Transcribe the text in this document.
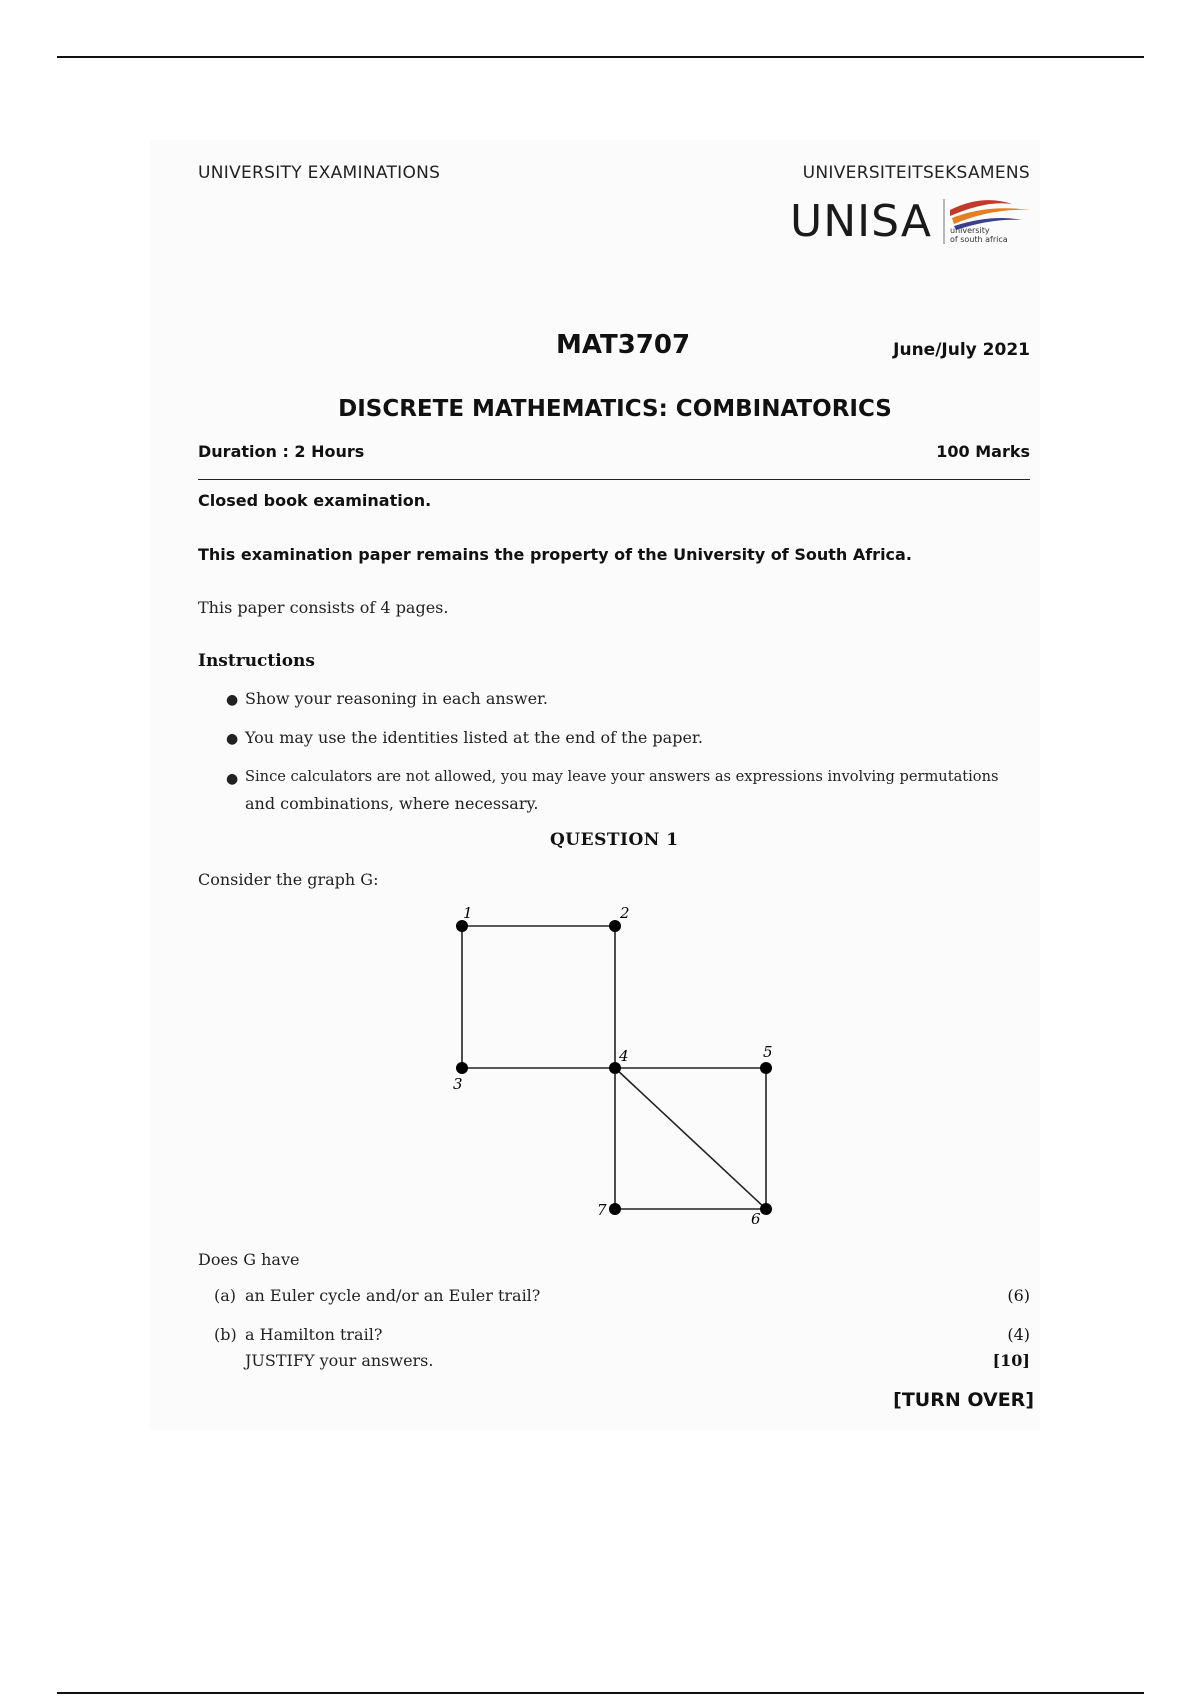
UNIVERSITY EXAMINATIONS	UNIVERSITEITSEKSAMENS
UNISA university
of south africa
MAT3707	June/July 2021
DISCRETE MATHEMATICS: COMBINATORICS
Duration : 2 Hours	100 Marks
Closed book examination.
This examination paper remains the property of the University of South Africa.
This paper consists of 4 pages.
Instructions
● Show your reasoning in each answer.
● You may use the identities listed at the end of the paper.
● Since calculators are not allowed, you may leave your answers as expressions involving permutations
and combinations, where necessary.
QUESTION 1
Consider the graph G:
1	2
3
4	5
6
7
Does G have
(a) an Euler cycle and/or an Euler trail?	(6)
(b) a Hamilton trail?	(4)
JUSTIFY your answers.	[10]
[TURN OVER]
